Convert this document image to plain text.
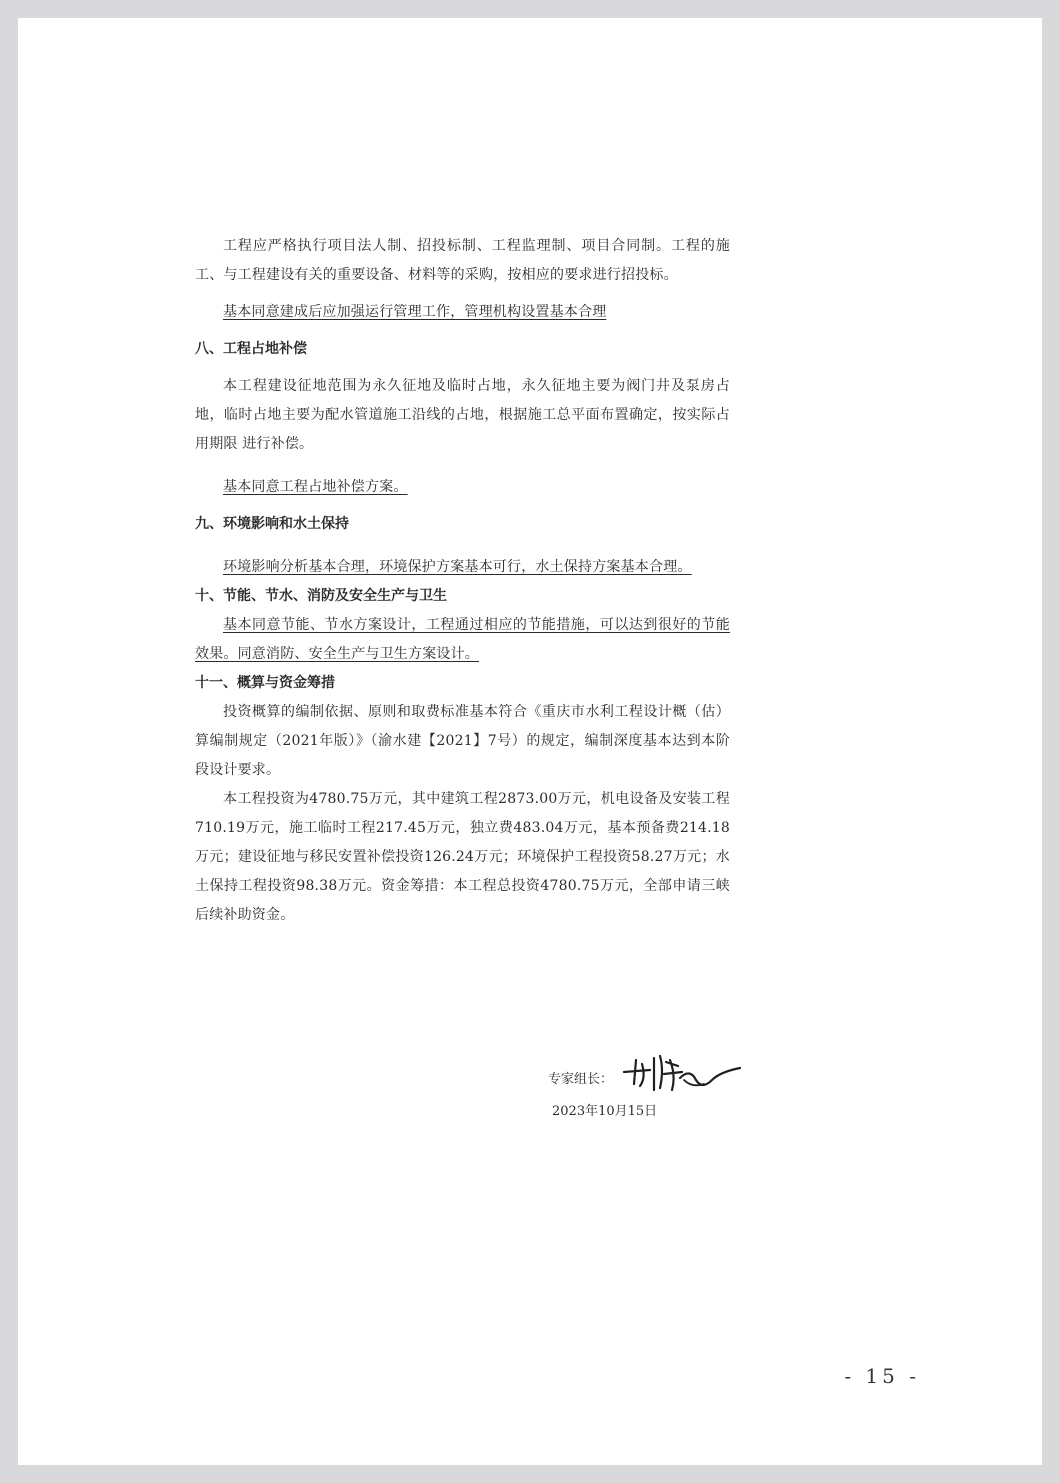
工程应严格执行项目法人制、招投标制、工程监理制、项目合同制。工程的施工、与工程建设有关的重要设备、材料等的采购，按相应的要求进行招投标。

基本同意建成后应加强运行管理工作，管理机构设置基本合理

八、工程占地补偿

本工程建设征地范围为永久征地及临时占地，永久征地主要为阀门井及泵房占地，临时占地主要为配水管道施工沿线的占地，根据施工总平面布置确定，按实际占用期限 进行补偿。

基本同意工程占地补偿方案。

九、环境影响和水土保持

环境影响分析基本合理，环境保护方案基本可行，水土保持方案基本合理。

十、节能、节水、消防及安全生产与卫生

基本同意节能、节水方案设计，工程通过相应的节能措施，可以达到很好的节能效果。同意消防、安全生产与卫生方案设计。

十一、概算与资金筹措

投资概算的编制依据、原则和取费标准基本符合《重庆市水利工程设计概（估）算编制规定（2021年版）》（渝水建【2021】7号）的规定，编制深度基本达到本阶段设计要求。

本工程投资为4780.75万元，其中建筑工程2873.00万元，机电设备及安装工程710.19万元，施工临时工程217.45万元，独立费483.04万元，基本预备费214.18万元；建设征地与移民安置补偿投资126.24万元；环境保护工程投资58.27万元；水土保持工程投资98.38万元。资金筹措：本工程总投资4780.75万元，全部申请三峡后续补助资金。

专家组长：
2023年10月15日
- 15 -
